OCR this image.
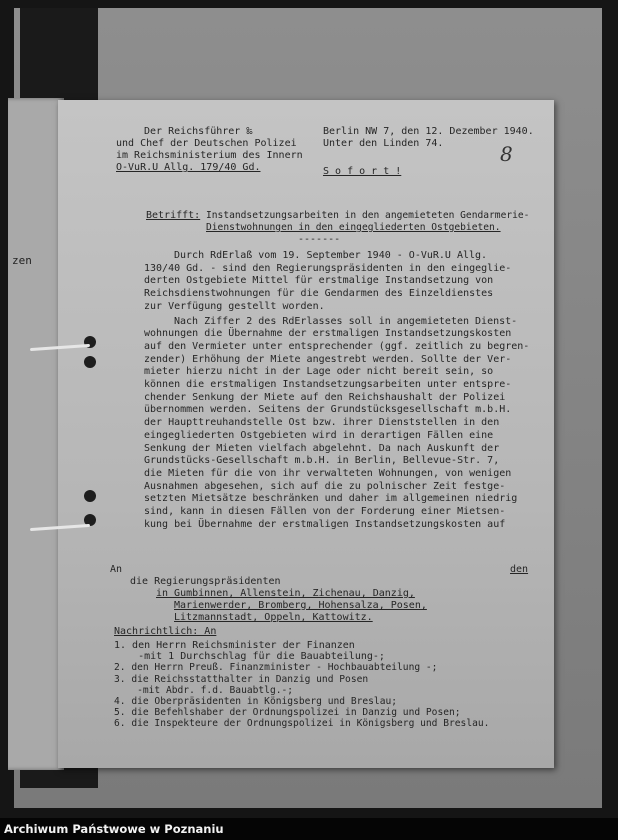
zen
Der Reichsführer ‰
und Chef der Deutschen Polizei
im Reichsministerium des Innern
O-VuR.U Allg. 179/40 Gd.
Berlin NW 7, den 12. Dezember 1940.
Unter den Linden 74.
S o f o r t !
8
Betrifft: Instandsetzungsarbeiten in den angemieteten Gendarmerie-
Dienstwohnungen in den eingegliederten Ostgebieten.
-------
Durch RdErlaß vom 19. September 1940 - O-VuR.U Allg.
130/40 Gd. - sind den Regierungspräsidenten in den eingeglie-
derten Ostgebiete Mittel für erstmalige Instandsetzung von
Reichsdienstwohnungen für die Gendarmen des Einzeldienstes
zur Verfügung gestellt worden.
Nach Ziffer 2 des RdErlasses soll in angemieteten Dienst-
wohnungen die Übernahme der erstmaligen Instandsetzungskosten
auf den Vermieter unter entsprechender (ggf. zeitlich zu begren-
zender) Erhöhung der Miete angestrebt werden. Sollte der Ver-
mieter hierzu nicht in der Lage oder nicht bereit sein, so
können die erstmaligen Instandsetzungsarbeiten unter entspre-
chender Senkung der Miete auf den Reichshaushalt der Polizei
übernommen werden. Seitens der Grundstücksgesellschaft m.b.H.
der Haupttreuhandstelle Ost bzw. ihrer Dienststellen in den
eingegliederten Ostgebieten wird in derartigen Fällen eine
Senkung der Mieten vielfach abgelehnt. Da nach Auskunft der
Grundstücks-Gesellschaft m.b.H. in Berlin, Bellevue-Str. 7,
die Mieten für die von ihr verwalteten Wohnungen, von wenigen
Ausnahmen abgesehen, sich auf die zu polnischer Zeit festge-
setzten Mietsätze beschränken und daher im allgemeinen niedrig
sind, kann in diesen Fällen von der Forderung einer Mietsen-
kung bei Übernahme der erstmaligen Instandsetzungskosten auf
An	den
die Regierungspräsidenten
in Gumbinnen, Allenstein, Zichenau, Danzig,
Marienwerder, Bromberg, Hohensalza, Posen,
Litzmannstadt, Oppeln, Kattowitz.
Nachrichtlich: An
1. den Herrn Reichsminister der Finanzen
-mit 1 Durchschlag für die Bauabteilung-;
2. den Herrn Preuß. Finanzminister - Hochbauabteilung -;
3. die Reichsstatthalter in Danzig und Posen
-mit Abdr. f.d. Bauabtlg.-;
4. die Oberpräsidenten in Königsberg und Breslau;
5. die Befehlshaber der Ordnungspolizei in Danzig und Posen;
6. die Inspekteure der Ordnungspolizei in Königsberg und Breslau.
Archiwum Państwowe w Poznaniu
